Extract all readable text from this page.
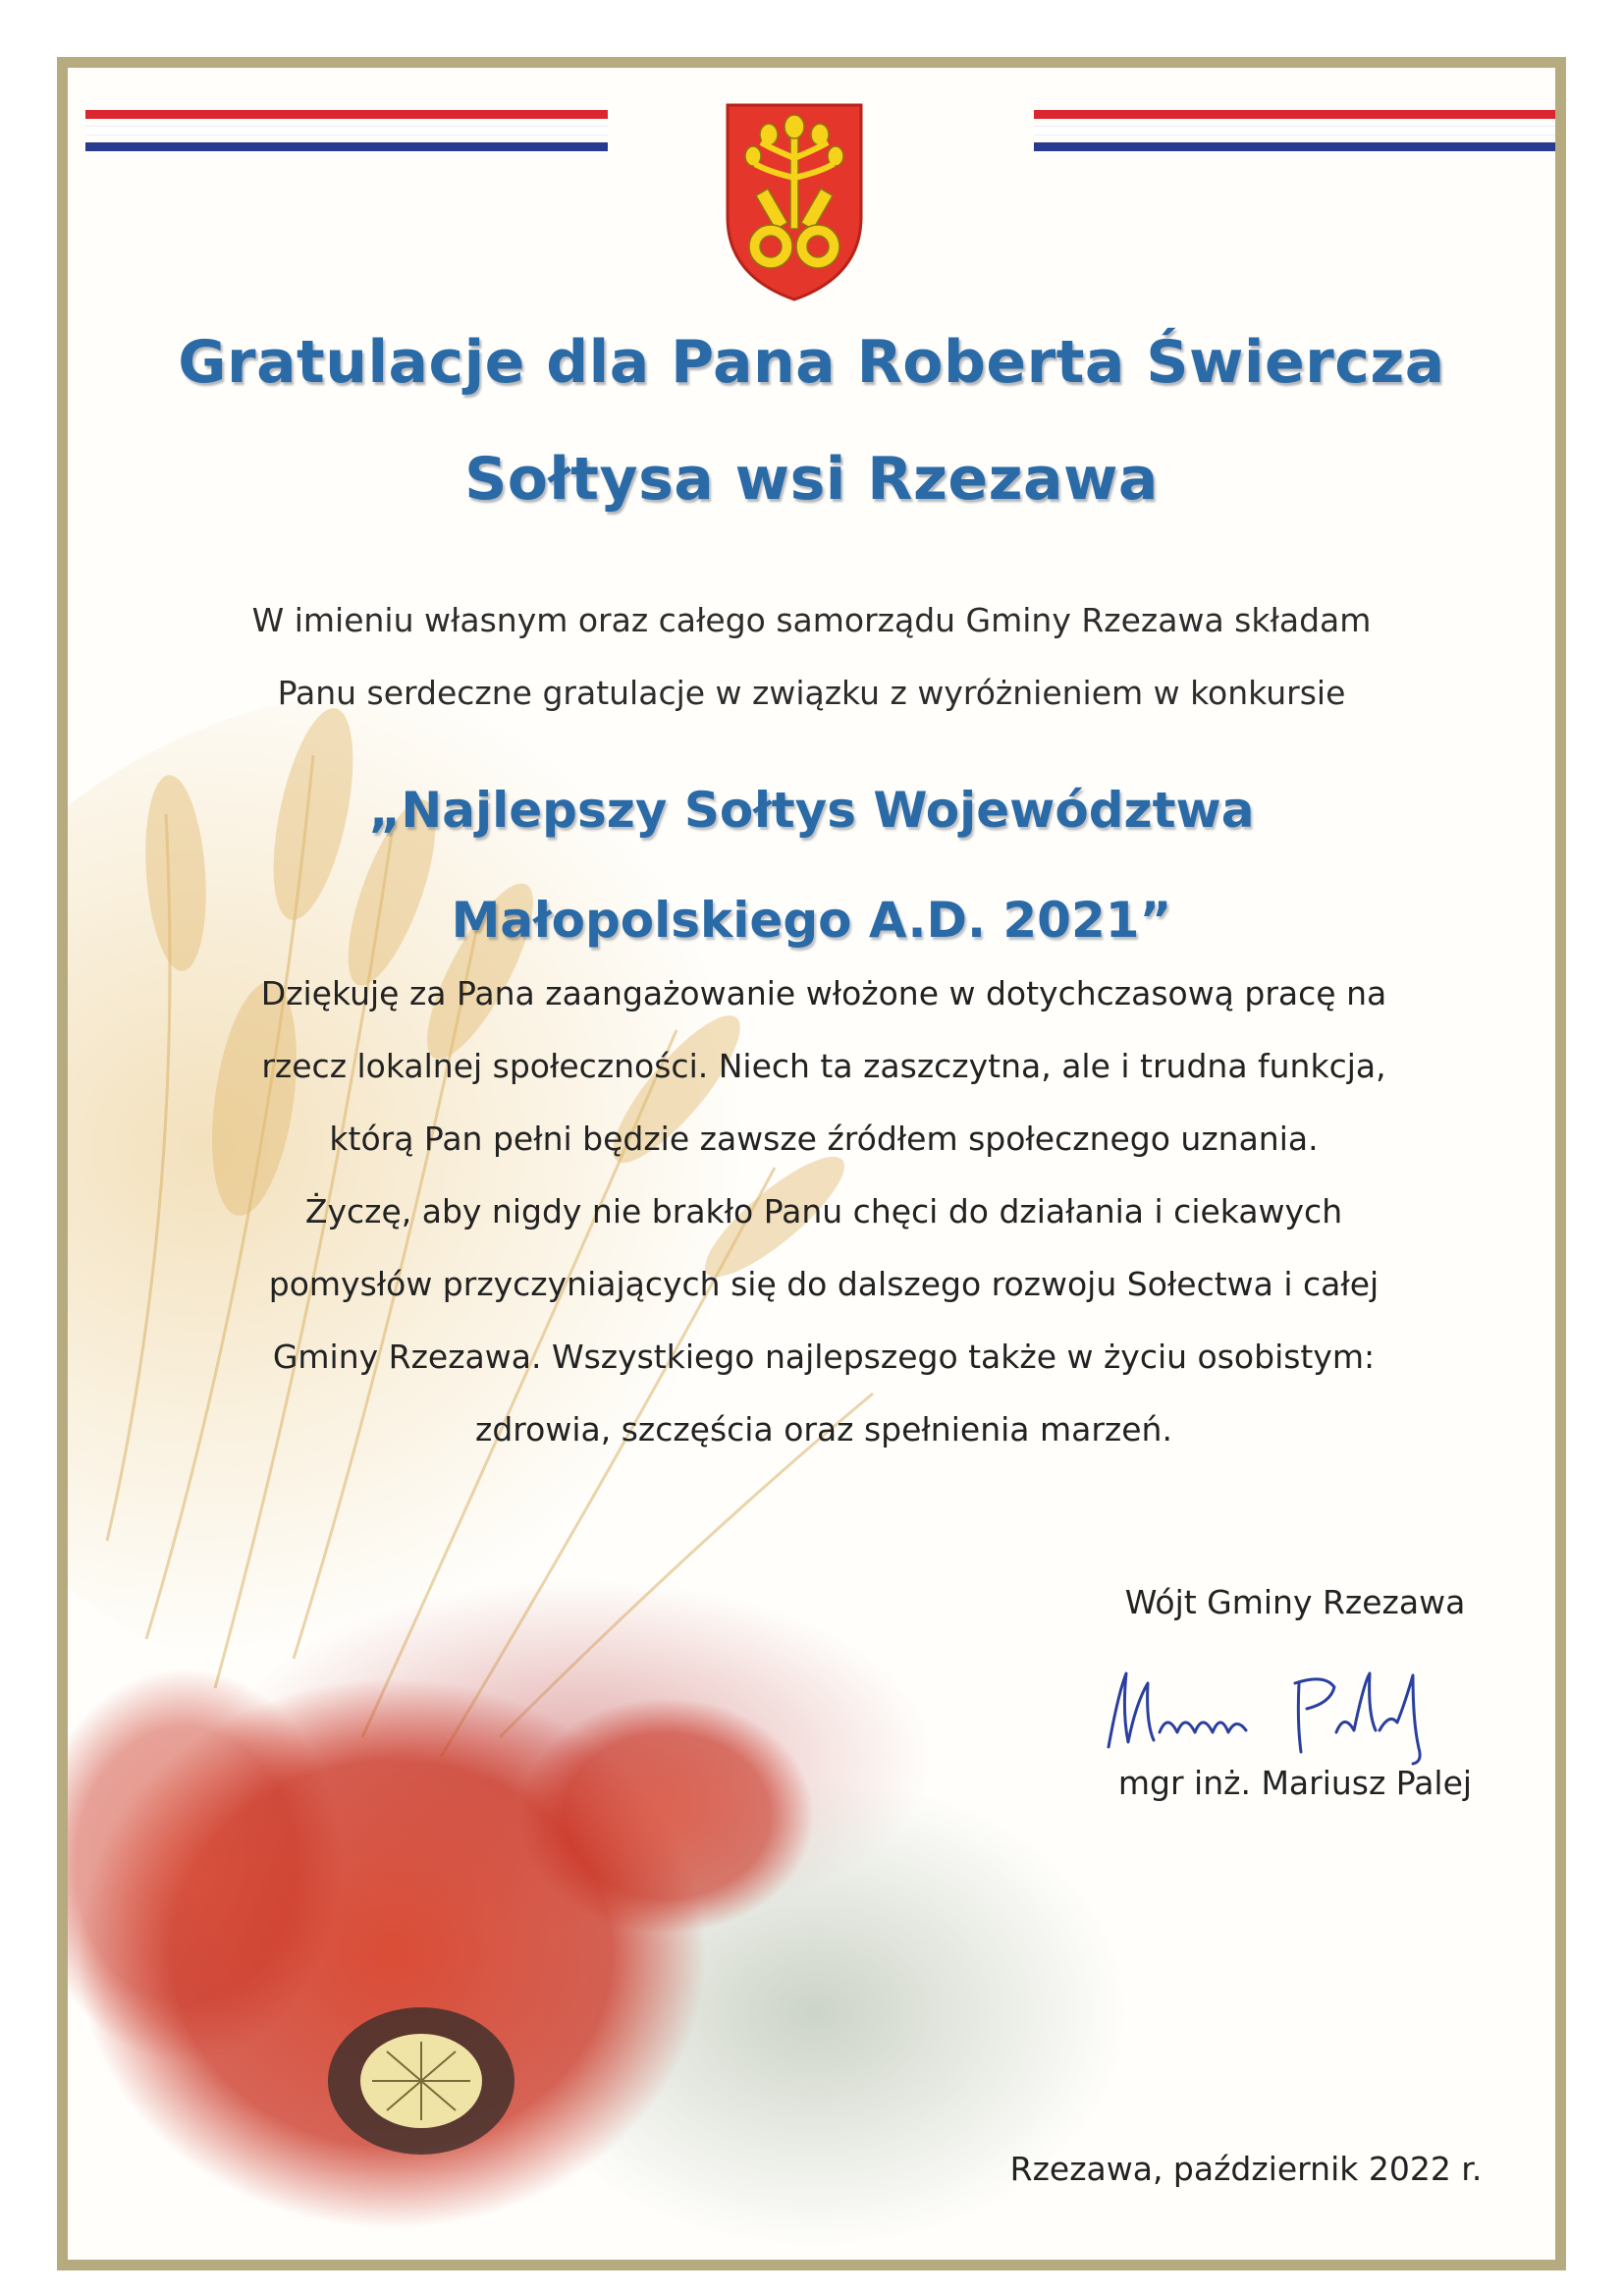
Gratulacje dla Pana Roberta Świercza
Sołtysa wsi Rzezawa
W imieniu własnym oraz całego samorządu Gminy Rzezawa składam
Panu serdeczne gratulacje w związku z wyróżnieniem w konkursie
„Najlepszy Sołtys Województwa
Małopolskiego A.D. 2021”
Dziękuję za Pana zaangażowanie włożone w dotychczasową pracę na
rzecz lokalnej społeczności. Niech ta zaszczytna, ale i trudna funkcja,
którą Pan pełni będzie zawsze źródłem społecznego uznania.
Życzę, aby nigdy nie brakło Panu chęci do działania i ciekawych
pomysłów przyczyniających się do dalszego rozwoju Sołectwa i całej
Gminy Rzezawa. Wszystkiego najlepszego także w życiu osobistym:
zdrowia, szczęścia oraz spełnienia marzeń.
Wójt Gminy Rzezawa
mgr inż. Mariusz Palej
Rzezawa, październik 2022 r.
